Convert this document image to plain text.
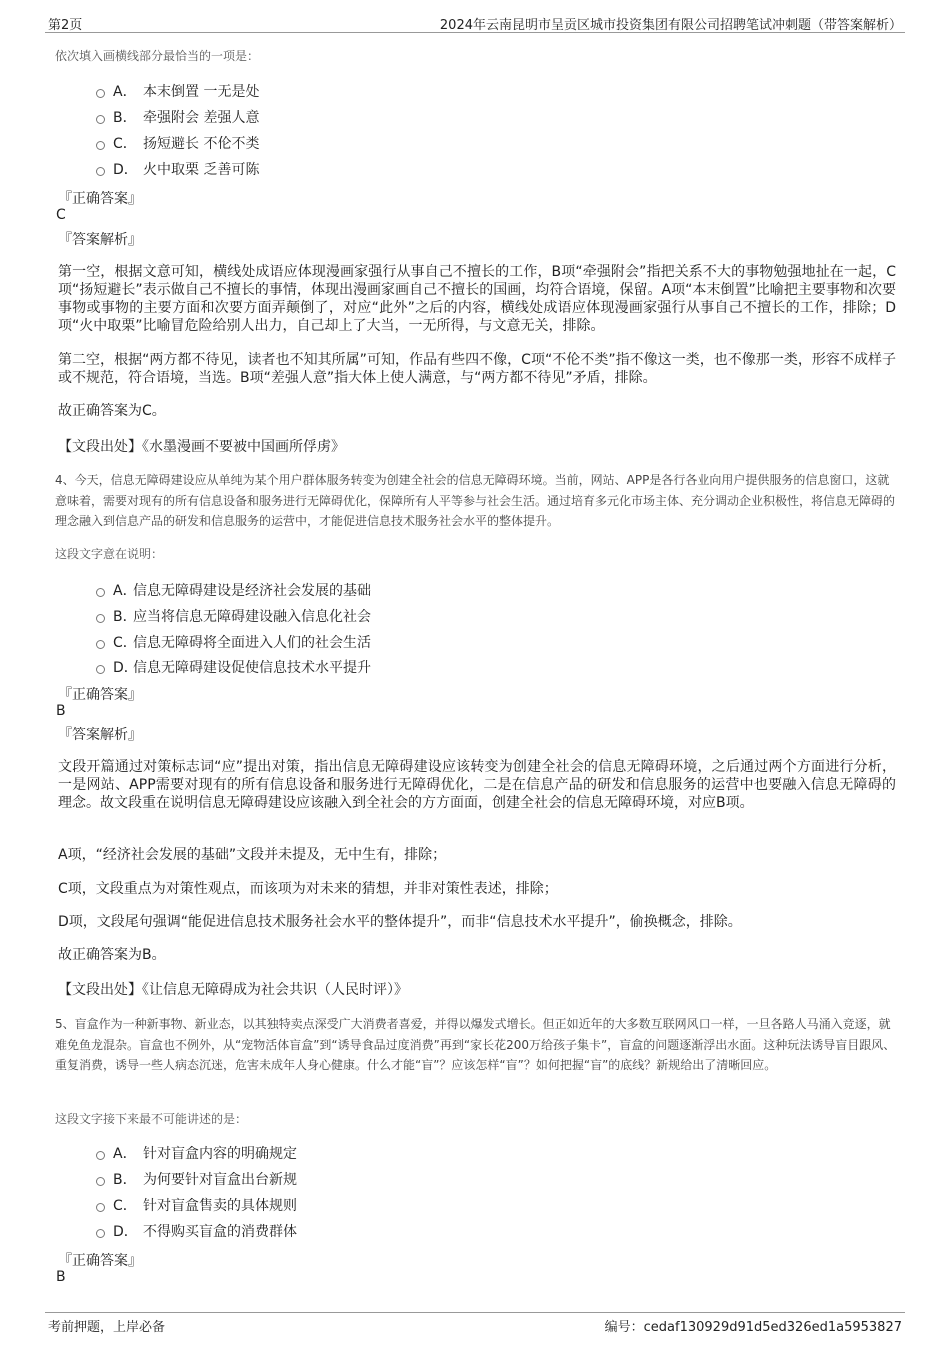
第2页	2024年云南昆明市呈贡区城市投资集团有限公司招聘笔试冲刺题（带答案解析）

依次填入画横线部分最恰当的一项是：

A． 本末倒置 一无是处
B． 牵强附会 差强人意
C． 扬短避长 不伦不类
D． 火中取栗 乏善可陈
『正确答案』
C
『答案解析』

第一空，根据文意可知，横线处成语应体现漫画家强行从事自己不擅长的工作，B项“牵强附会”指把关系不大的事物勉强地扯在一起，C项“扬短避长”表示做自己不擅长的事情，体现出漫画家画自己不擅长的国画，均符合语境，保留。A项“本末倒置”比喻把主要事物和次要事物或事物的主要方面和次要方面弄颠倒了，对应“此外”之后的内容，横线处成语应体现漫画家强行从事自己不擅长的工作，排除；D项“火中取栗”比喻冒危险给别人出力，自己却上了大当，一无所得，与文意无关，排除。

第二空，根据“两方都不待见，读者也不知其所属”可知，作品有些四不像，C项“不伦不类”指不像这一类，也不像那一类，形容不成样子或不规范，符合语境，当选。B项“差强人意”指大体上使人满意，与“两方都不待见”矛盾，排除。

故正确答案为C。

【文段出处】《水墨漫画不要被中国画所俘虏》

4、今天，信息无障碍建设应从单纯为某个用户群体服务转变为创建全社会的信息无障碍环境。当前，网站、APP是各行各业向用户提供服务的信息窗口，这就意味着，需要对现有的所有信息设备和服务进行无障碍优化，保障所有人平等参与社会生活。通过培育多元化市场主体、充分调动企业积极性，将信息无障碍的理念融入到信息产品的研发和信息服务的运营中，才能促进信息技术服务社会水平的整体提升。

这段文字意在说明：

A．
信息无障碍建设是经济社会发展的基础
B．
应当将信息无障碍建设融入信息化社会
C．
信息无障碍将全面进入人们的社会生活
D．
信息无障碍建设促使信息技术水平提升
『正确答案』
B
『答案解析』

文段开篇通过对策标志词“应”提出对策，指出信息无障碍建设应该转变为创建全社会的信息无障碍环境，之后通过两个方面进行分析，一是网站、APP需要对现有的所有信息设备和服务进行无障碍优化，二是在信息产品的研发和信息服务的运营中也要融入信息无障碍的理念。故文段重在说明信息无障碍建设应该融入到全社会的方方面面，创建全社会的信息无障碍环境，对应B项。

A项，“经济社会发展的基础”文段并未提及，无中生有，排除；

C项，文段重点为对策性观点，而该项为对未来的猜想，并非对策性表述，排除；

D项，文段尾句强调“能促进信息技术服务社会水平的整体提升”，而非“信息技术水平提升”，偷换概念，排除。

故正确答案为B。

【文段出处】《让信息无障碍成为社会共识（人民时评）》

5、盲盒作为一种新事物、新业态，以其独特卖点深受广大消费者喜爱，并得以爆发式增长。但正如近年的大多数互联网风口一样，一旦各路人马涌入竞逐，就难免鱼龙混杂。盲盒也不例外，从“宠物活体盲盒”到“诱导食品过度消费”再到“家长花200万给孩子集卡”，盲盒的问题逐渐浮出水面。这种玩法诱导盲目跟风、重复消费，诱导一些人病态沉迷，危害未成年人身心健康。什么才能“盲”？应该怎样“盲”？如何把握“盲”的底线？新规给出了清晰回应。

这段文字接下来最不可能讲述的是：

A． 针对盲盒内容的明确规定
B． 为何要针对盲盒出台新规
C． 针对盲盒售卖的具体规则
D． 不得购买盲盒的消费群体
『正确答案』
B
考前押题，上岸必备	编号：cedaf130929d91d5ed326ed1a5953827
